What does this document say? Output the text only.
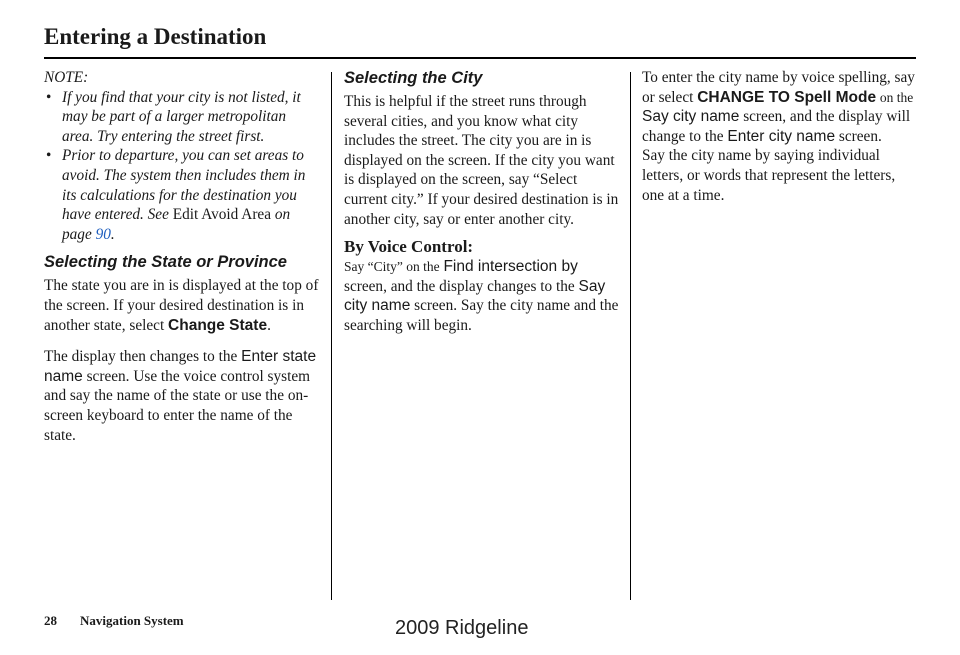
Entering a Destination

NOTE:

• If you find that your city is not listed, it may be part of a larger metropolitan area. Try entering the street first.
• Prior to departure, you can set areas to avoid. The system then includes them in its calculations for the destination you have entered. See Edit Avoid Area on page 90.
Selecting the State or Province

The state you are in is displayed at the top of the screen. If your desired destination is in another state, select Change State.

The display then changes to the Enter state name screen. Use the voice control system and say the name of the state or use the on-screen keyboard to enter the name of the state.

Selecting the City

This is helpful if the street runs through several cities, and you know what city includes the street. The city you are in is displayed on the screen. If the city you want is displayed on the screen, say “Select current city.” If your desired destination is in another city, say or enter another city.

By Voice Control:

Say “City” on the Find intersection by screen, and the display changes to the Say city name screen. Say the city name and the searching will begin.

To enter the city name by voice spelling, say or select CHANGE TO Spell Mode on the Say city name screen, and the display will change to the Enter city name screen.

Say the city name by saying individual letters, or words that represent the letters, one at a time.

28 Navigation System	2009 Ridgeline
